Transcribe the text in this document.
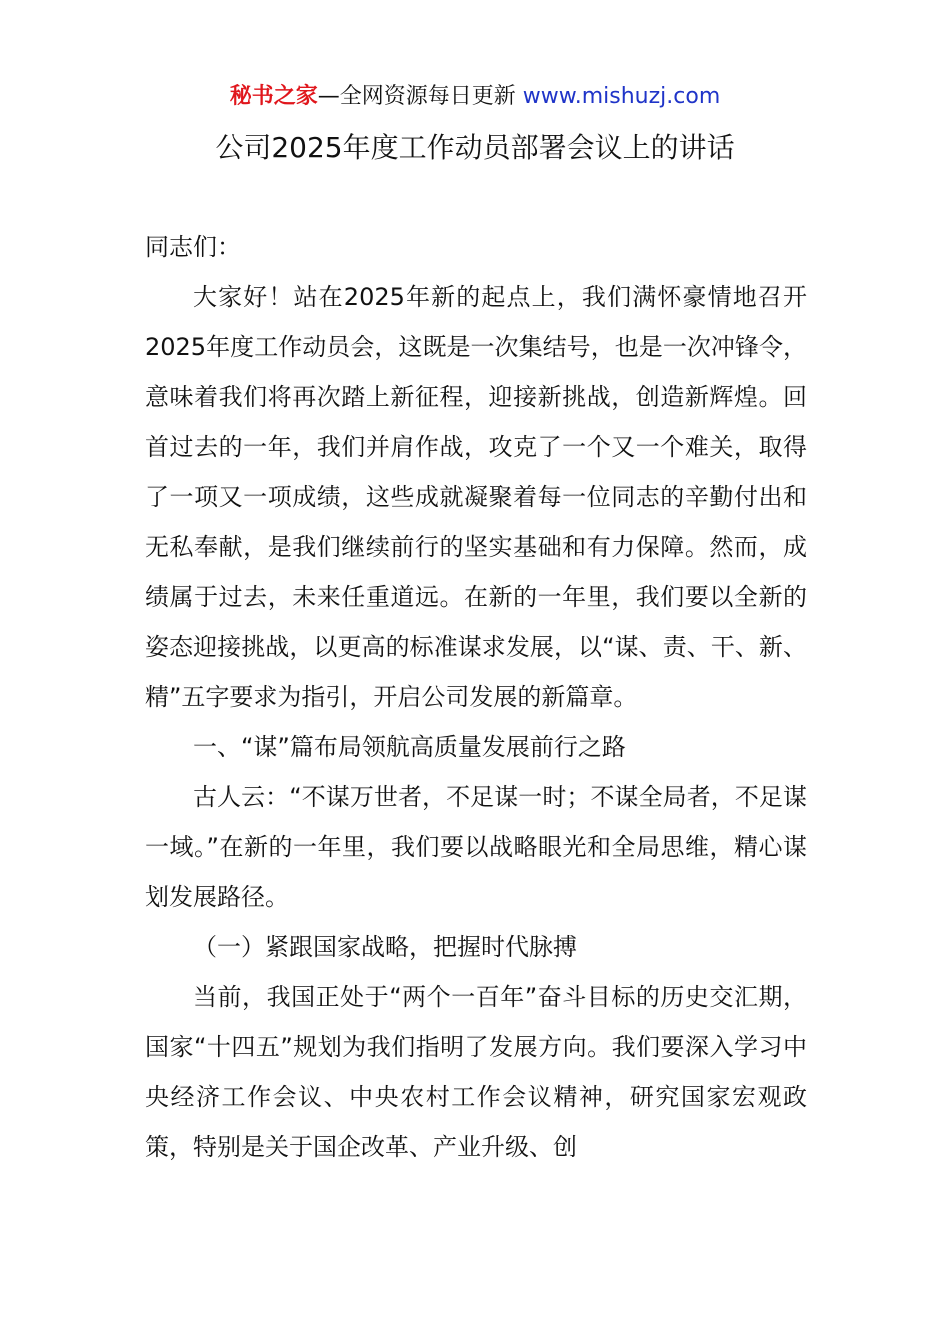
秘书之家—全网资源每日更新 www.mishuzj.com
公司2025年度工作动员部署会议上的讲话

同志们：

大家好！站在2025年新的起点上，我们满怀豪情地召开2025年度工作动员会，这既是一次集结号，也是一次冲锋令，意味着我们将再次踏上新征程，迎接新挑战，创造新辉煌。回首过去的一年，我们并肩作战，攻克了一个又一个难关，取得了一项又一项成绩，这些成就凝聚着每一位同志的辛勤付出和无私奉献，是我们继续前行的坚实基础和有力保障。然而，成绩属于过去，未来任重道远。在新的一年里，我们要以全新的姿态迎接挑战，以更高的标准谋求发展，以“谋、责、干、新、精”五字要求为指引，开启公司发展的新篇章。

一、“谋”篇布局领航高质量发展前行之路

古人云：“不谋万世者，不足谋一时；不谋全局者，不足谋一域。”在新的一年里，我们要以战略眼光和全局思维，精心谋划发展路径。

（一）紧跟国家战略，把握时代脉搏

当前，我国正处于“两个一百年”奋斗目标的历史交汇期，国家“十四五”规划为我们指明了发展方向。我们要深入学习中央经济工作会议、中央农村工作会议精神，研究国家宏观政策，特别是关于国企改革、产业升级、创
